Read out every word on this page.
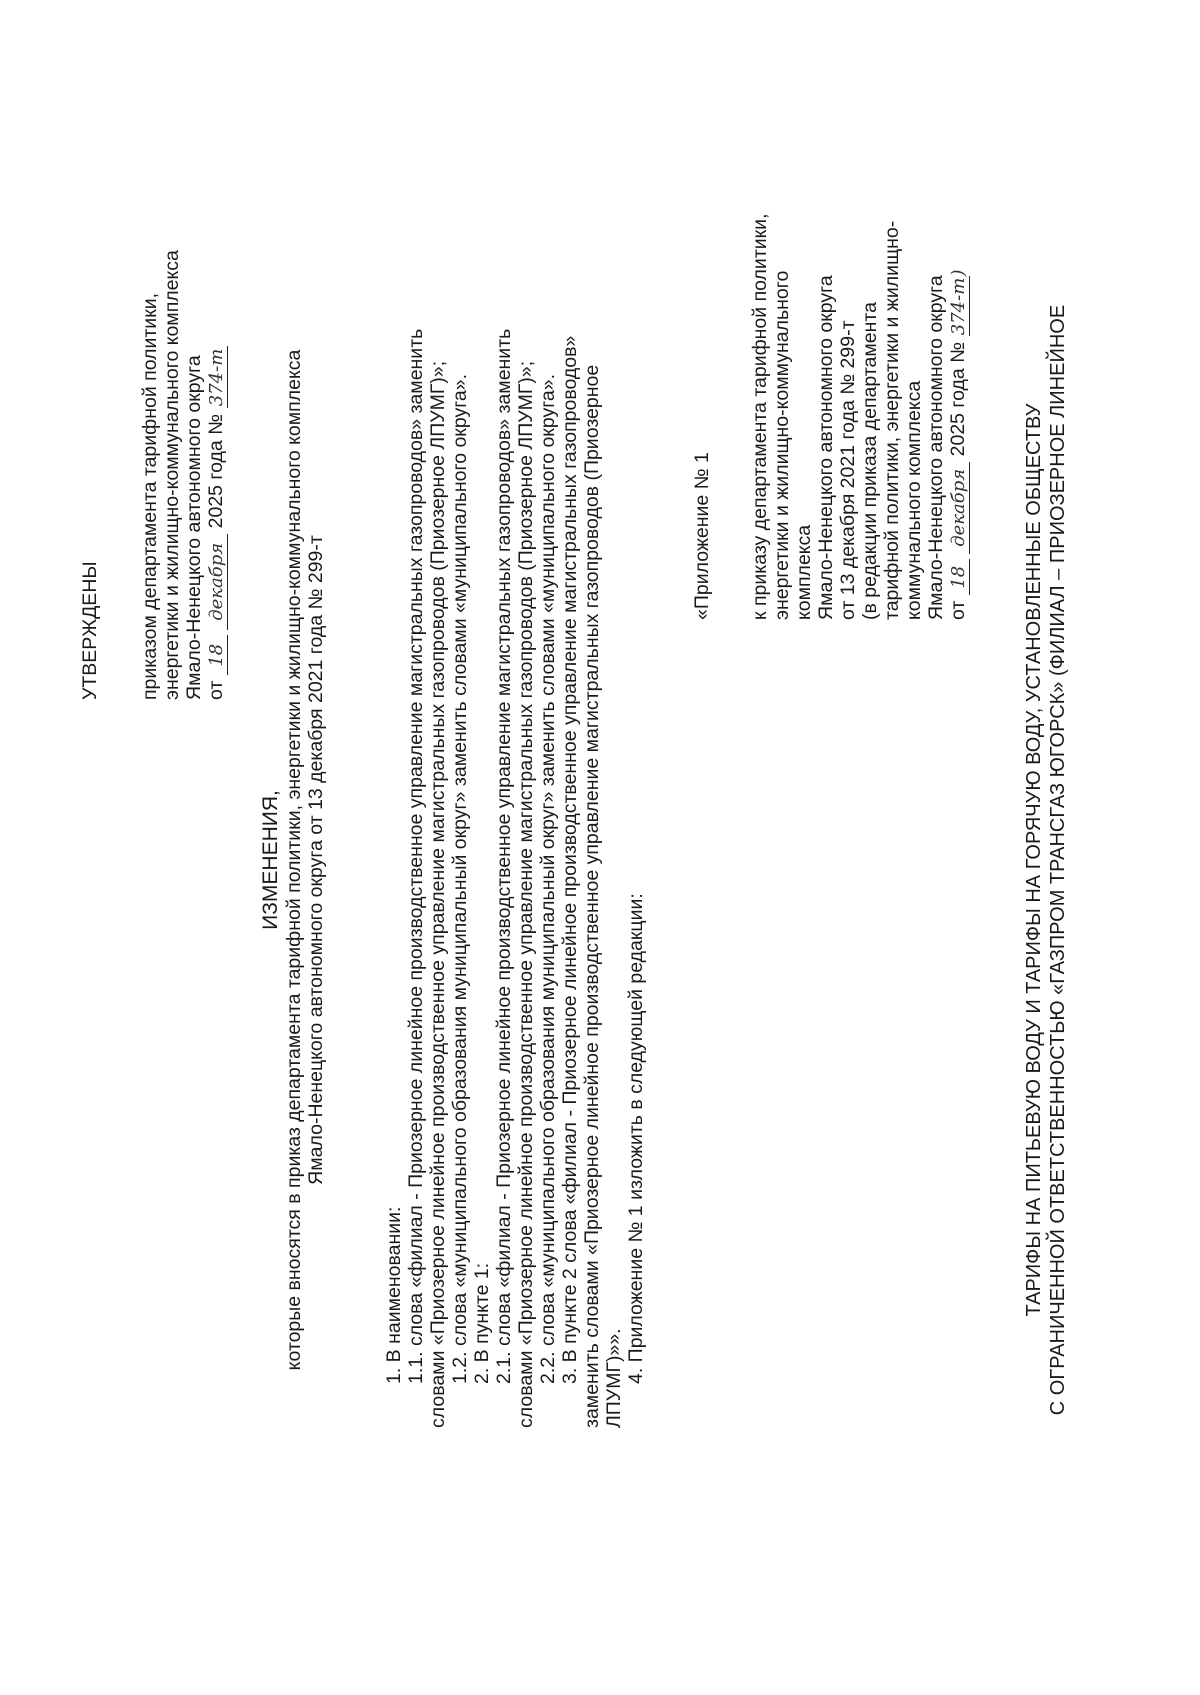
УТВЕРЖДЕНЫ приказом департамента тарифной политики, энергетики и жилищно-коммунального комплекса Ямало-Ненецкого автономного округа от 18 декабря 2025 года № 374-т
ИЗМЕНЕНИЯ, которые вносятся в приказ департамента тарифной политики, энергетики и жилищно-коммунального комплекса Ямало-Ненецкого автономного округа от 13 декабря 2021 года № 299-т
1. В наименовании: 1.1. слова «филиал - Приозерное линейное производственное управление магистральных газопроводов» заменить словами «Приозерное линейное производственное управление магистральных газопроводов (Приозерное ЛПУМГ)»; 1.2. слова «муниципального образования муниципальный округ» заменить словами «муниципального округа». 2. В пункте 1: 2.1. слова «филиал - Приозерное линейное производственное управление магистральных газопроводов» заменить словами «Приозерное линейное производственное управление магистральных газопроводов (Приозерное ЛПУМГ)»; 2.2. слова «муниципального образования муниципальный округ» заменить словами «муниципального округа». 3. В пункте 2 слова «филиал - Приозерное линейное производственное управление магистральных газопроводов» заменить словами «Приозерное линейное производственное управление магистральных газопроводов (Приозерное ЛПУМГ)»». 4. Приложение № 1 изложить в следующей редакции:
«Приложение № 1 к приказу департамента тарифной политики, энергетики и жилищно-коммунального комплекса Ямало-Ненецкого автономного округа от 13 декабря 2021 года № 299-т (в редакции приказа департамента тарифной политики, энергетики и жилищно- коммунального комплекса Ямало-Ненецкого автономного округа от 18 декабря 2025 года № 374-т)
ТАРИФЫ НА ПИТЬЕВУЮ ВОДУ И ТАРИФЫ НА ГОРЯЧУЮ ВОДУ, УСТАНОВЛЕННЫЕ ОБЩЕСТВУ С ОГРАНИЧЕННОЙ ОТВЕТСТВЕННОСТЬЮ «ГАЗПРОМ ТРАНСГАЗ ЮГОРСК» (ФИЛИАЛ – ПРИОЗЕРНОЕ ЛИНЕЙНОЕ
